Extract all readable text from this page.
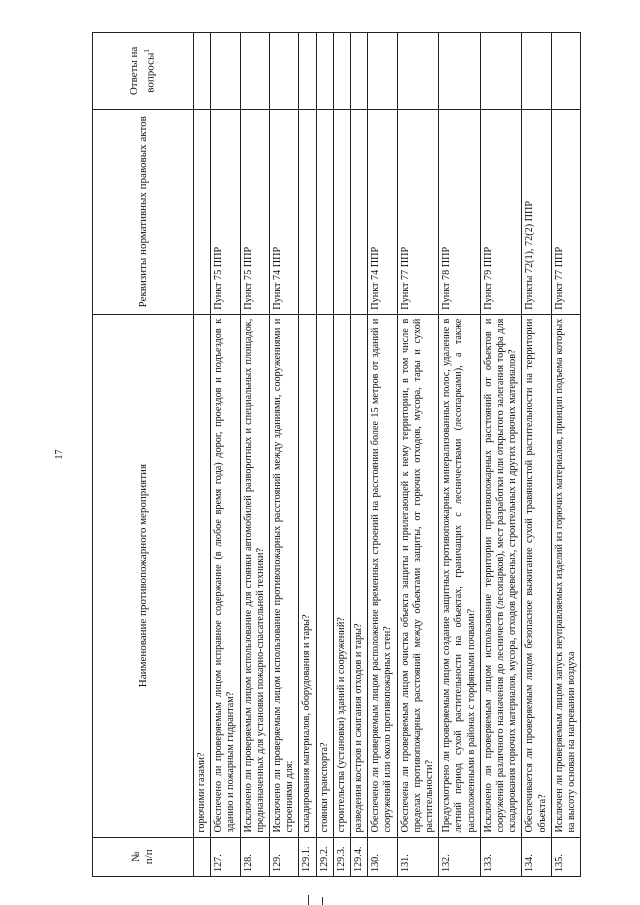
17
№
п/п	Наименование противопожарного мероприятия	Реквизиты нормативных правовых актов	Ответы на вопросы$^1$
	горючими газами?		
127.	Обеспечено ли проверяемым лицом исправное содержание (в любое время года) дорог, проездов и подъездов к зданию и пожарным гидрантам?	Пункт 75 ППР	
128.	Исключено ли проверяемым лицом использование для стоянки автомобилей разворотных и специальных площадок, предназначенных для установки пожарно-спасательной техники?	Пункт 75 ППР	
129.	Исключено ли проверяемым лицом использование противопожарных расстояний между зданиями, сооружениями и строениями для:	Пункт 74 ППР	
129.1.	складирования материалов, оборудования и тары?		
129.2.	стоянки транспорта?		
129.3.	строительства (установки) зданий и сооружений?		
129.4.	разведения костров и сжигания отходов и тары?		
130.	Обеспечено ли проверяемым лицом расположение временных строений на расстоянии более 15 метров от зданий и сооружений или около противопожарных стен?	Пункт 74 ППР	
131.	Обеспечена ли проверяемым лицом очистка объекта защиты и прилегающей к нему территории, в том числе в пределах противопожарных расстояний между объектами защиты, от горючих отходов, мусора, тары и сухой растительности?	Пункт 77 ППР	
132.	Предусмотрено ли проверяемым лицом создание защитных противопожарных минерализованных полос, удаление в летний период сухой растительности на объектах, граничащих с лесничествами (лесопарками), а также расположенными в районах с торфяными почвами?	Пункт 78 ППР	
133.	Исключено ли проверяемым лицом использование территории противопожарных расстояний от объектов и сооружений различного назначения до лесничеств (лесопарков), мест разработки или открытого залегания торфа для складирования горючих материалов, мусора, отходов древесных, строительных и других горючих материалов?	Пункт 79 ППР	
134.	Обеспечивается ли проверяемым лицом безопасное выжигание сухой травянистой растительности на территории объекта?	Пункты 72(1), 72(2) ППР	
135.	Исключен ли проверяемым лицом запуск неуправляемых изделий из горючих материалов, принцип подъема которых на высоту основан на нагревании воздуха	Пункт 77 ППР	
